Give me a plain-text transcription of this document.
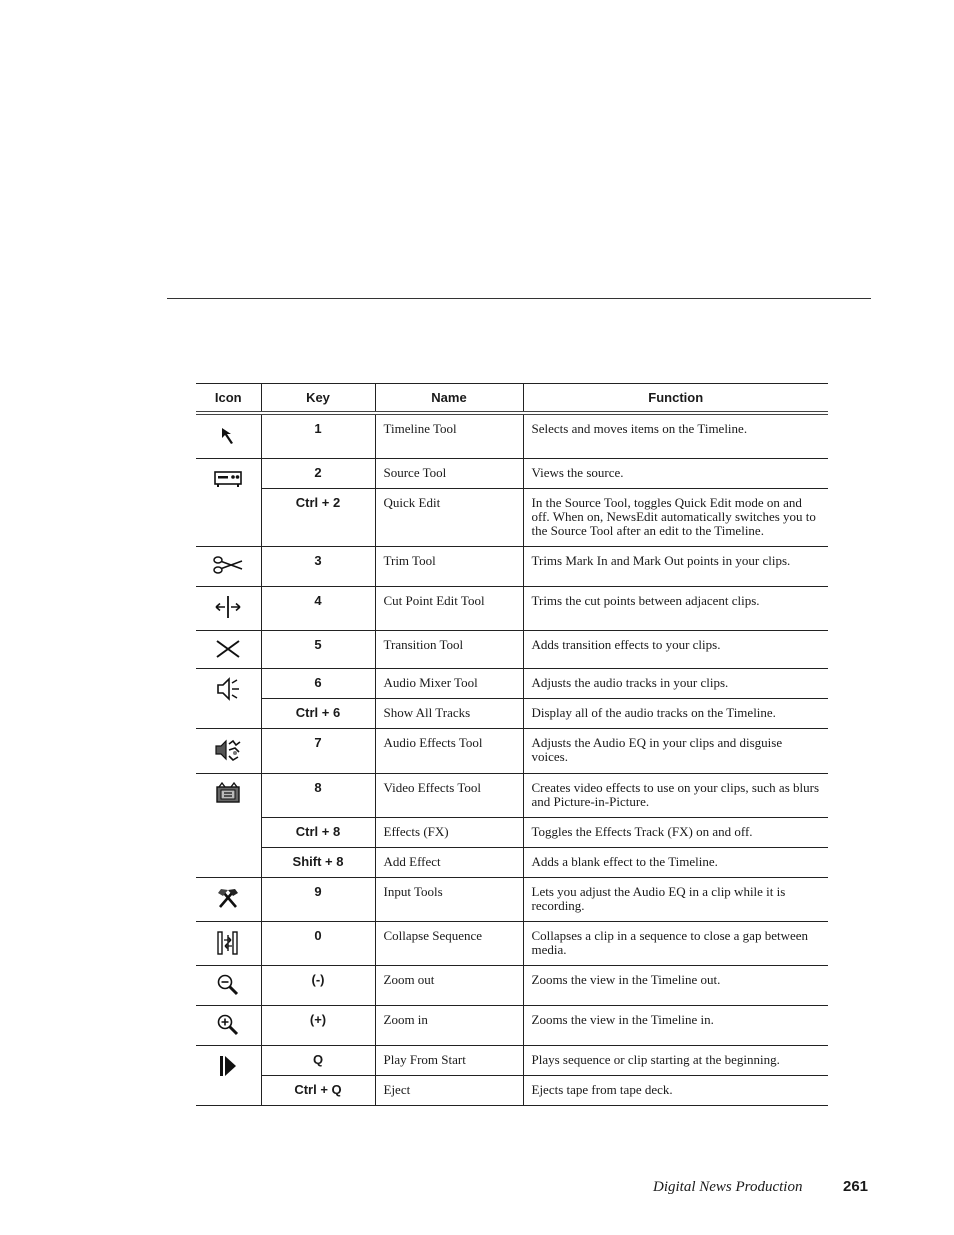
Icon	Key	Name	Function

	1	Timeline Tool	Selects and moves items on the Timeline.

	2	Source Tool	Views the source.
	Ctrl + 2	Quick Edit	In the Source Tool, toggles Quick Edit mode on and off. When on, NewsEdit automatically switches you to the Source Tool after an edit to the Timeline.

	3	Trim Tool	Trims Mark In and Mark Out points in your clips.

	4	Cut Point Edit Tool	Trims the cut points between adjacent clips.

	5	Transition Tool	Adds transition effects to your clips.

	6	Audio Mixer Tool	Adjusts the audio tracks in your clips.
	Ctrl + 6	Show All Tracks	Display all of the audio tracks on the Timeline.

	7	Audio Effects Tool	Adjusts the Audio EQ in your clips and disguise voices.

	8	Video Effects Tool	Creates video effects to use on your clips, such as blurs and Picture-in-Picture.
	Ctrl + 8	Effects (FX)	Toggles the Effects Track (FX) on and off.
	Shift + 8	Add Effect	Adds a blank effect to the Timeline.

	9	Input Tools	Lets you adjust the Audio EQ in a clip while it is recording.

	0	Collapse Sequence	Collapses a clip in a sequence to close a gap between media.

	(-)	Zoom out	Zooms the view in the Timeline out.

	(+)	Zoom in	Zooms the view in the Timeline in.

	Q	Play From Start	Plays sequence or clip starting at the beginning.
	Ctrl + Q	Eject	Ejects tape from tape deck.
Digital News Production	261
